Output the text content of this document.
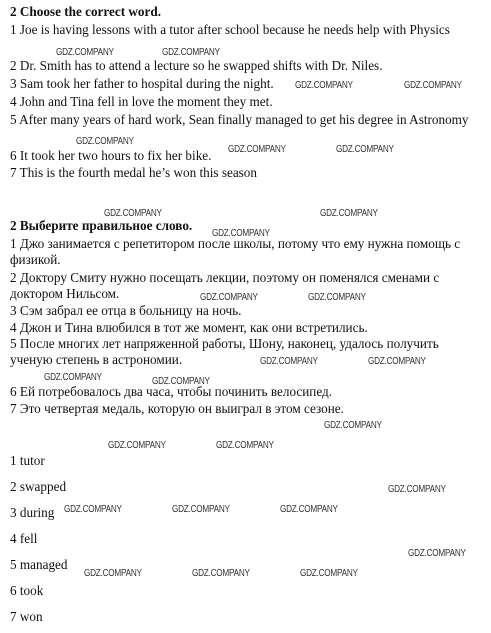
2 Choose the correct word.
1 Joe is having lessons with a tutor after school because he needs help with Physics
2 Dr. Smith has to attend a lecture so he swapped shifts with Dr. Niles.
3 Sam took her father to hospital during the night.
4 John and Tina fell in love the moment they met.
5 After many years of hard work, Sean finally managed to get his degree in Astronomy
6 It took her two hours to fix her bike.
7 This is the fourth medal he’s won this season
2 Выберите правильное слово.
1 Джо занимается с репетитором после школы, потому что ему нужна помощь с физикой.
2 Доктору Смиту нужно посещать лекции, поэтому он поменялся сменами с доктором Нильсом.
3 Сэм забрал ее отца в больницу на ночь.
4 Джон и Тина влюбился в тот же момент, как они встретились.
5 После многих лет напряженной работы, Шону, наконец, удалось получить ученую степень в астрономии.
6 Ей потребовалось два часа, чтобы починить велосипед.
7 Это четвертая медаль, которую он выиграл в этом сезоне.
1 tutor
2 swapped
3 during
4 fell
5 managed
6 took
7 won
GDZ.COMPANY	GDZ.COMPANY
GDZ.COMPANY	GDZ.COMPANY
GDZ.COMPANY
GDZ.COMPANY	GDZ.COMPANY
GDZ.COMPANY	GDZ.COMPANY
GDZ.COMPANY
GDZ.COMPANY	GDZ.COMPANY
GDZ.COMPANY	GDZ.COMPANY
GDZ.COMPANY	GDZ.COMPANY
GDZ.COMPANY
GDZ.COMPANY	GDZ.COMPANY
GDZ.COMPANY
GDZ.COMPANY	GDZ.COMPANY	GDZ.COMPANY
GDZ.COMPANY
GDZ.COMPANY	GDZ.COMPANY	GDZ.COMPANY
